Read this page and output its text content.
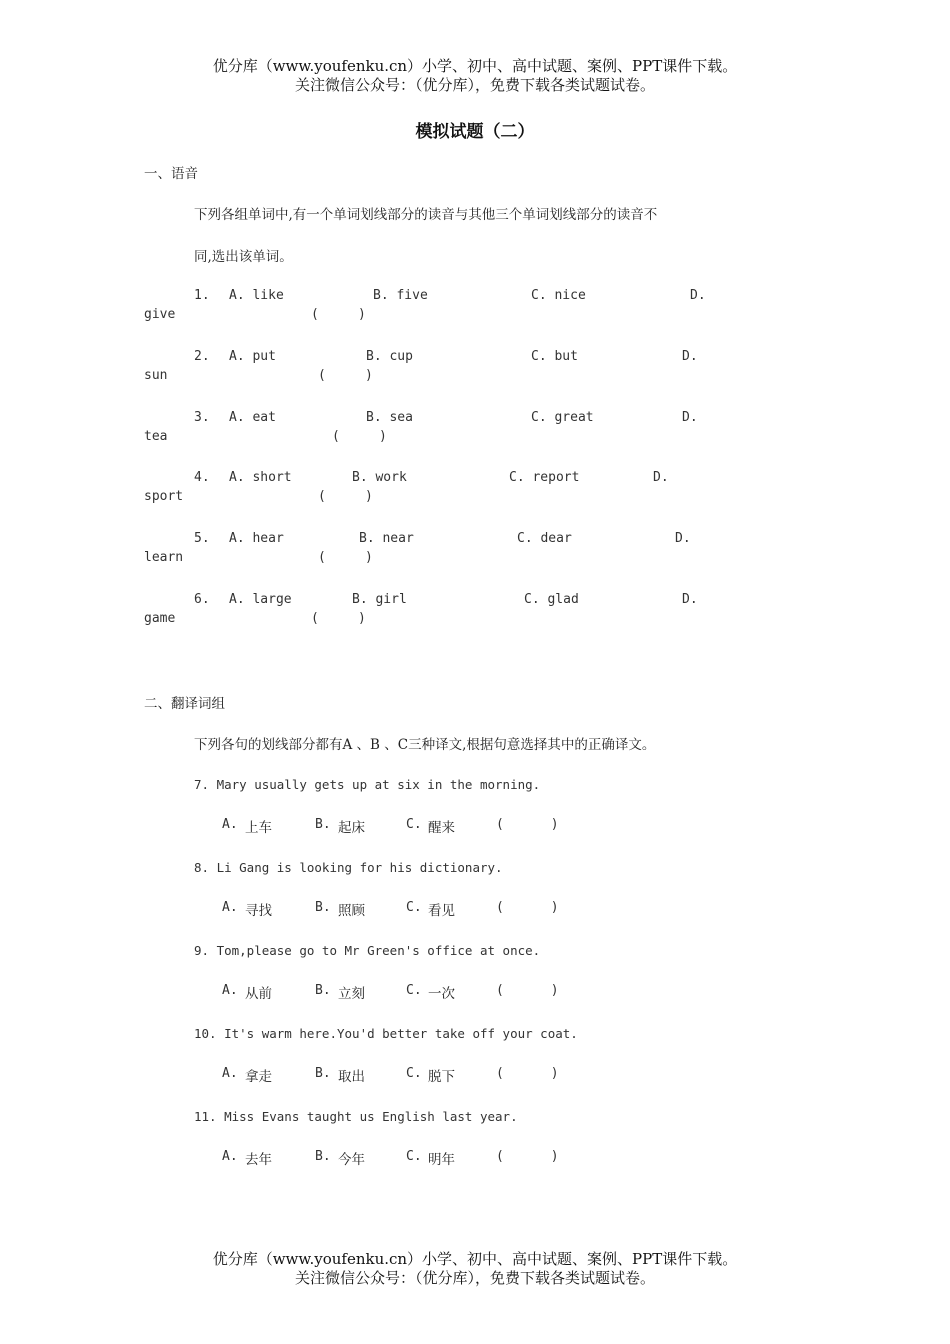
优分库（www.youfenku.cn）小学、初中、高中试题、案例、PPT课件下载。
关注微信公众号：（优分库），免费下载各类试题试卷。
模拟试题（二）
一、语音
下列各组单词中,有一个单词划线部分的读音与其他三个单词划线部分的读音不
同,选出该单词。
1. A. like	B. five	C. nice	D.
give	(     )
2. A. put	B. cup	C. but	D.
sun	(     )
3. A. eat	B. sea	C. great	D.
tea	(     )
4. A. short	B. work	C. report	D.
sport	(     )
5. A. hear	B. near	C. dear	D.
learn	(     )
6. A. large	B. girl	C. glad	D.
game	(     )
二、翻译词组
下列各句的划线部分都有A 、B 、C三种译文,根据句意选择其中的正确译文。
7. Mary usually gets up at six in the morning.
A. 上车	B. 起床	C. 醒来	(      )
8. Li Gang is looking for his dictionary.
A. 寻找	B. 照顾	C. 看见	(      )
9. Tom,please go to Mr Green's office at once.
A. 从前	B. 立刻	C. 一次	(      )
10. It's warm here.You'd better take off your coat.
A. 拿走	B. 取出	C. 脱下	(      )
11. Miss Evans taught us English last year.
A. 去年	B. 今年	C. 明年	(      )
优分库（www.youfenku.cn）小学、初中、高中试题、案例、PPT课件下载。
关注微信公众号：（优分库），免费下载各类试题试卷。
